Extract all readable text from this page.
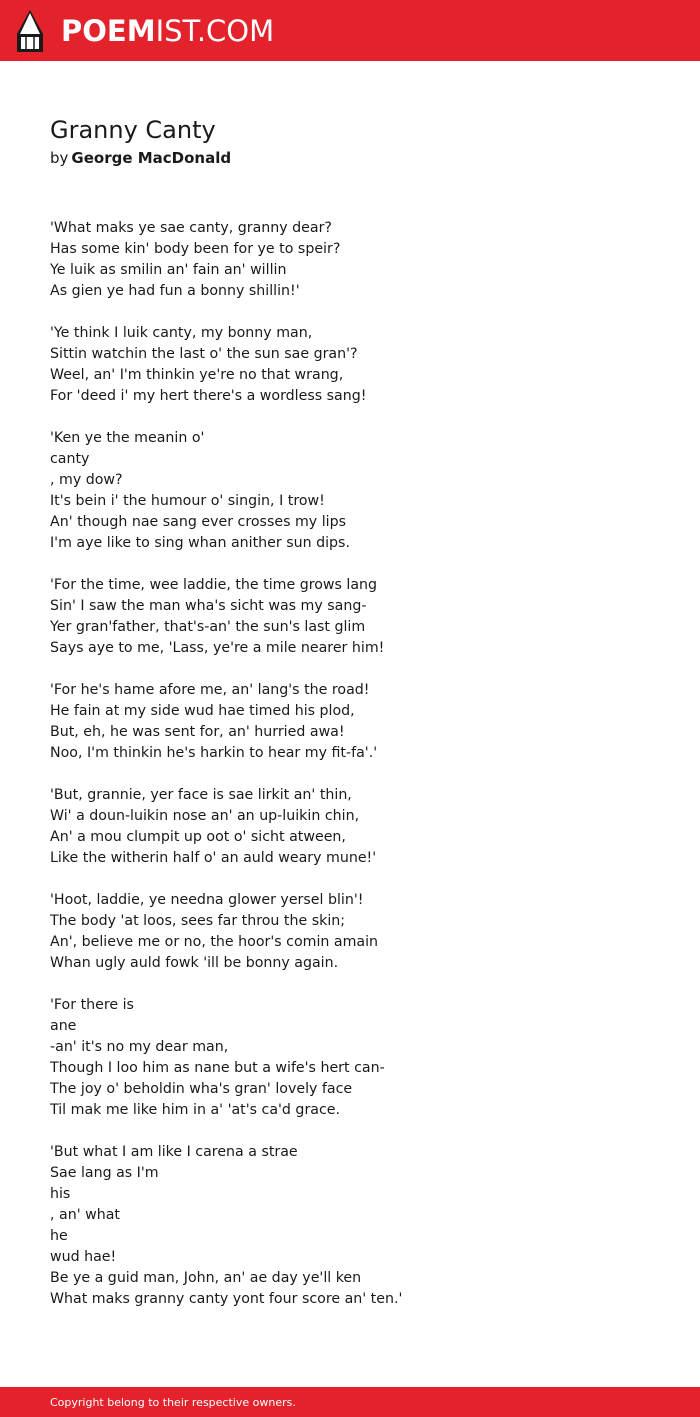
POEMIST.COM
Granny Canty
by George MacDonald
'What maks ye sae canty, granny dear?
Has some kin' body been for ye to speir?
Ye luik as smilin an' fain an' willin
As gien ye had fun a bonny shillin!'
'Ye think I luik canty, my bonny man,
Sittin watchin the last o' the sun sae gran'?
Weel, an' I'm thinkin ye're no that wrang,
For 'deed i' my hert there's a wordless sang!
'Ken ye the meanin o'
canty
, my dow?
It's bein i' the humour o' singin, I trow!
An' though nae sang ever crosses my lips
I'm aye like to sing whan anither sun dips.
'For the time, wee laddie, the time grows lang
Sin' I saw the man wha's sicht was my sang-
Yer gran'father, that's-an' the sun's last glim
Says aye to me, 'Lass, ye're a mile nearer him!
'For he's hame afore me, an' lang's the road!
He fain at my side wud hae timed his plod,
But, eh, he was sent for, an' hurried awa!
Noo, I'm thinkin he's harkin to hear my fit-fa'.'
'But, grannie, yer face is sae lirkit an' thin,
Wi' a doun-luikin nose an' an up-luikin chin,
An' a mou clumpit up oot o' sicht atween,
Like the witherin half o' an auld weary mune!'
'Hoot, laddie, ye needna glower yersel blin'!
The body 'at loos, sees far throu the skin;
An', believe me or no, the hoor's comin amain
Whan ugly auld fowk 'ill be bonny again.
'For there is
ane
-an' it's no my dear man,
Though I loo him as nane but a wife's hert can-
The joy o' beholdin wha's gran' lovely face
Til mak me like him in a' 'at's ca'd grace.
'But what I am like I carena a strae
Sae lang as I'm
his
, an' what
he
wud hae!
Be ye a guid man, John, an' ae day ye'll ken
What maks granny canty yont four score an' ten.'
Copyright belong to their respective owners.
